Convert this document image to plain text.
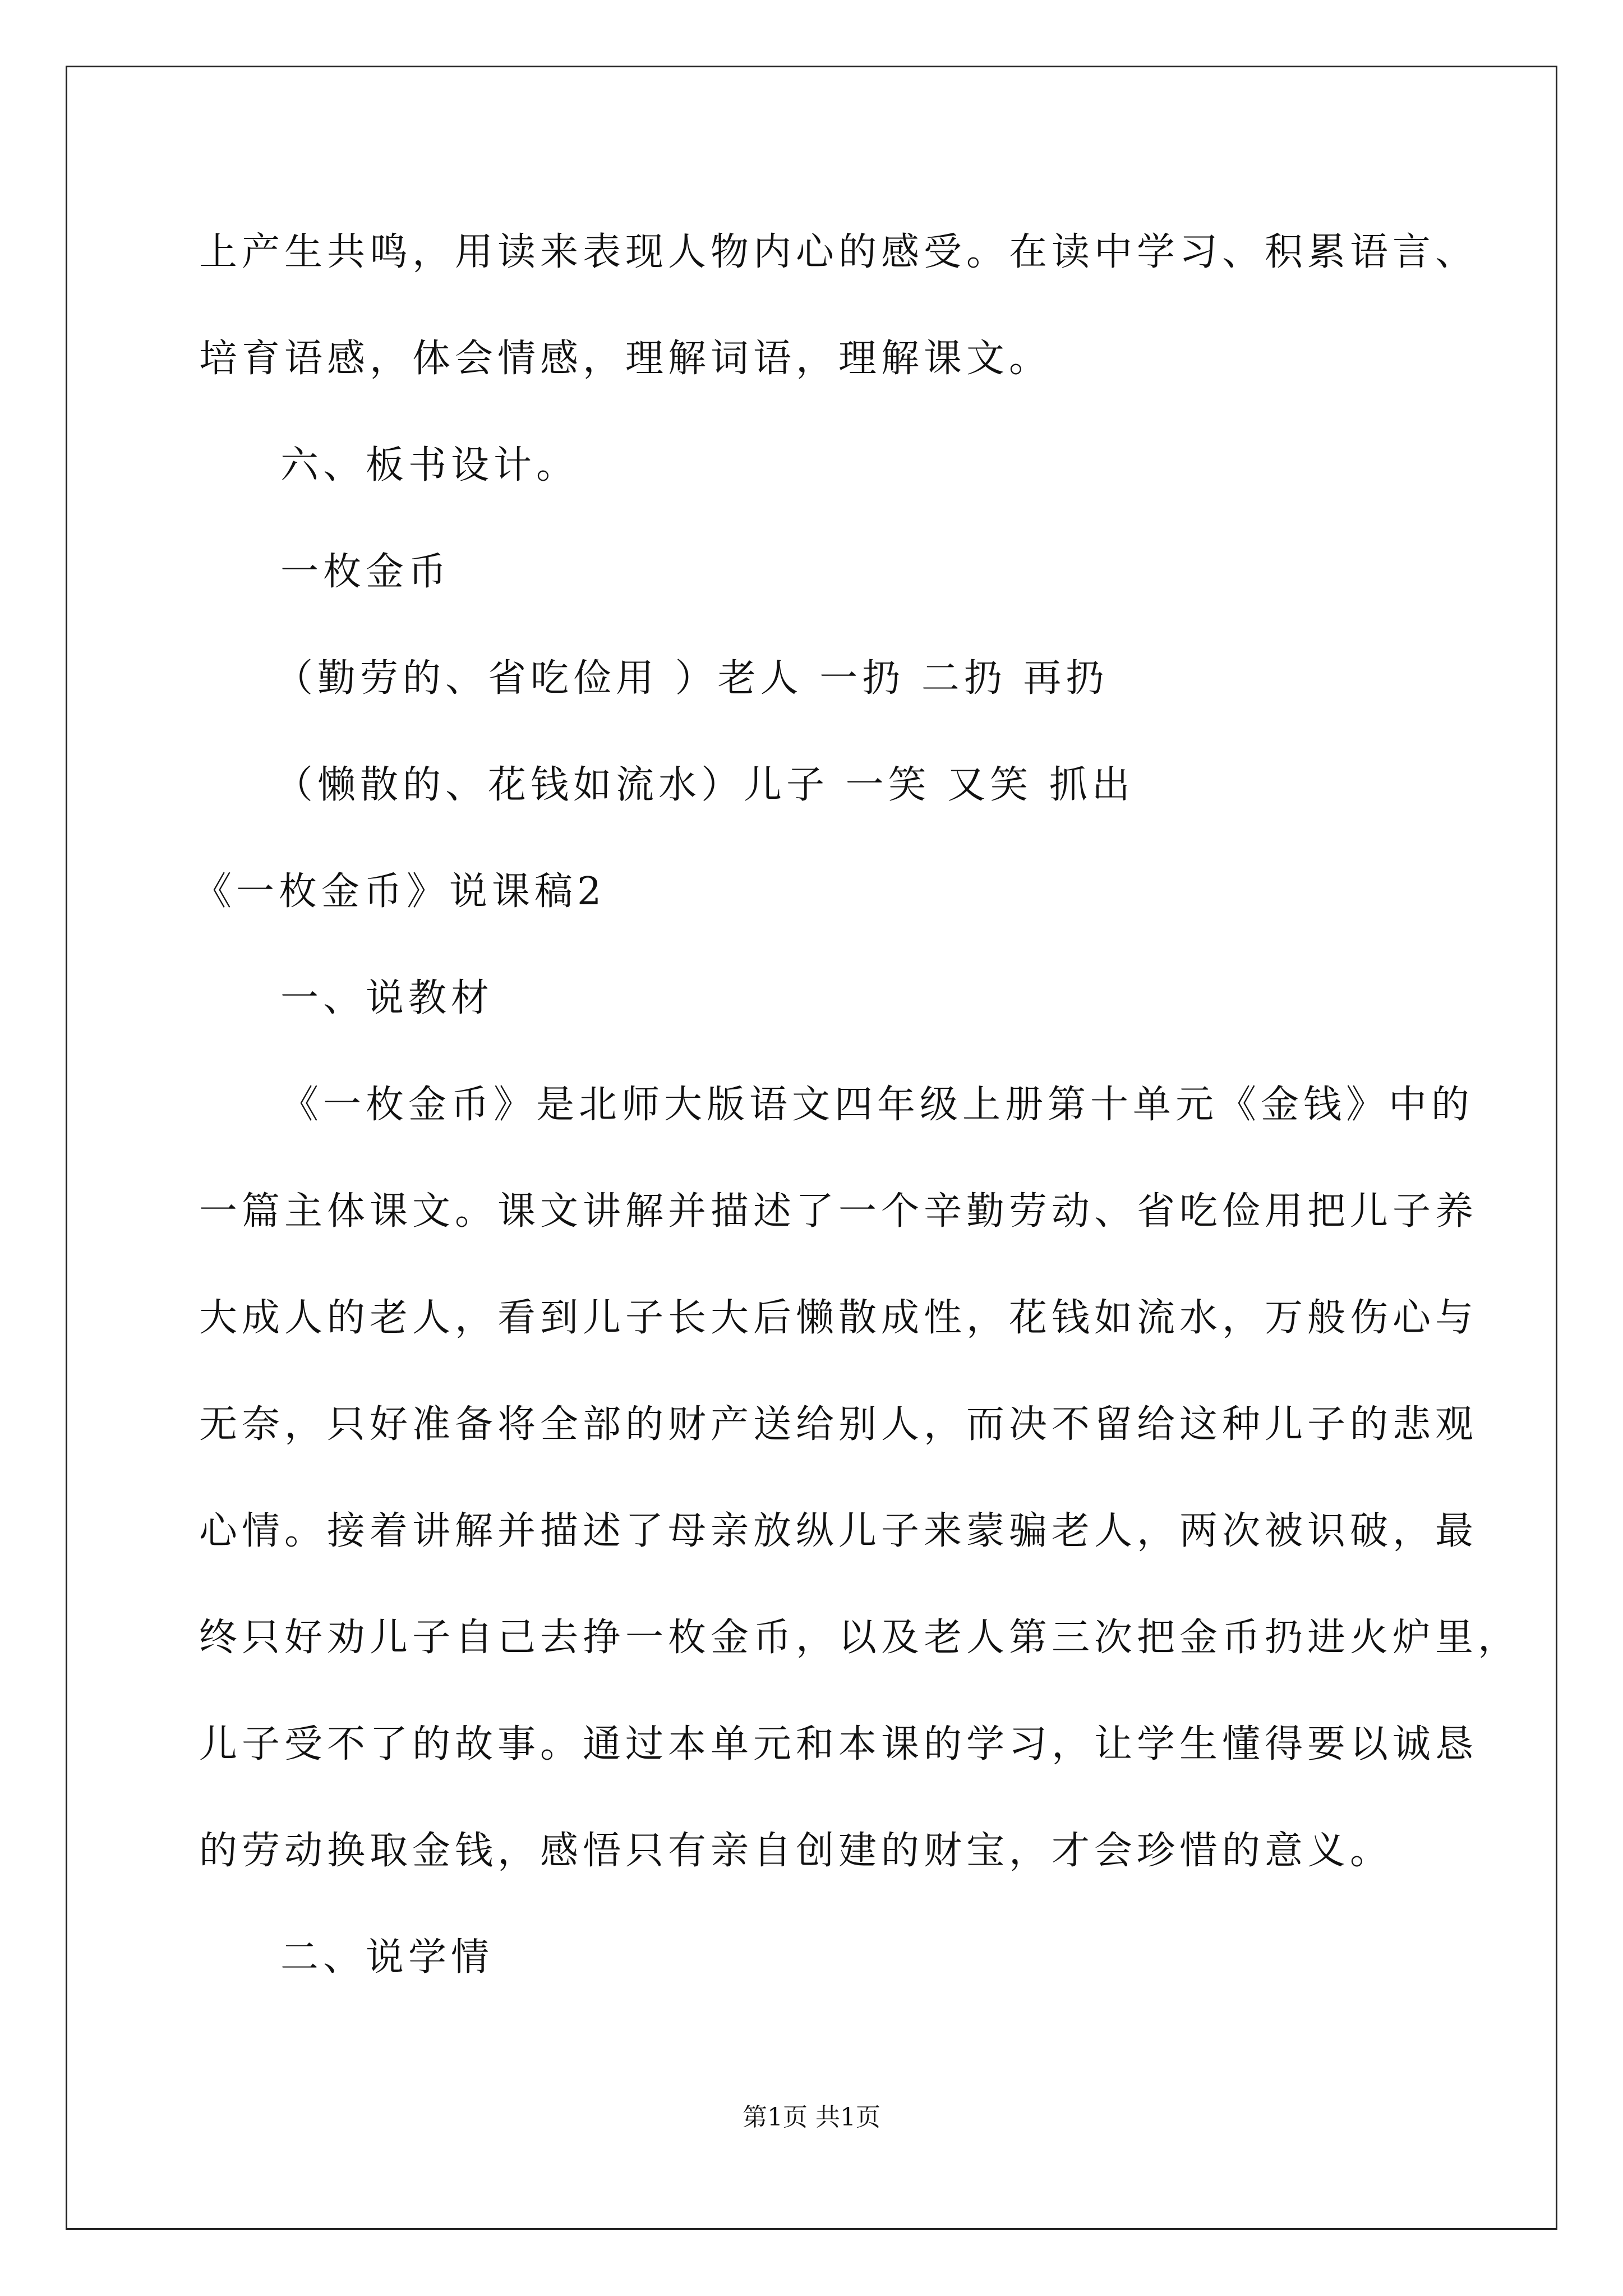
上产生共鸣，用读来表现人物内心的感受。在读中学习、积累语言、
培育语感，体会情感，理解词语，理解课文。
六、板书设计。
一枚金币
（勤劳的、省吃俭用 ）老人 一扔 二扔 再扔
（懒散的、花钱如流水）儿子 一笑 又笑 抓出
《一枚金币》说课稿2
一、说教材
《一枚金币》是北师大版语文四年级上册第十单元《金钱》中的
一篇主体课文。课文讲解并描述了一个辛勤劳动、省吃俭用把儿子养
大成人的老人，看到儿子长大后懒散成性，花钱如流水，万般伤心与
无奈，只好准备将全部的财产送给别人，而决不留给这种儿子的悲观
心情。接着讲解并描述了母亲放纵儿子来蒙骗老人，两次被识破，最
终只好劝儿子自己去挣一枚金币，以及老人第三次把金币扔进火炉里，
儿子受不了的故事。通过本单元和本课的学习，让学生懂得要以诚恳
的劳动换取金钱，感悟只有亲自创建的财宝，才会珍惜的意义。
二、说学情
第1页 共1页
